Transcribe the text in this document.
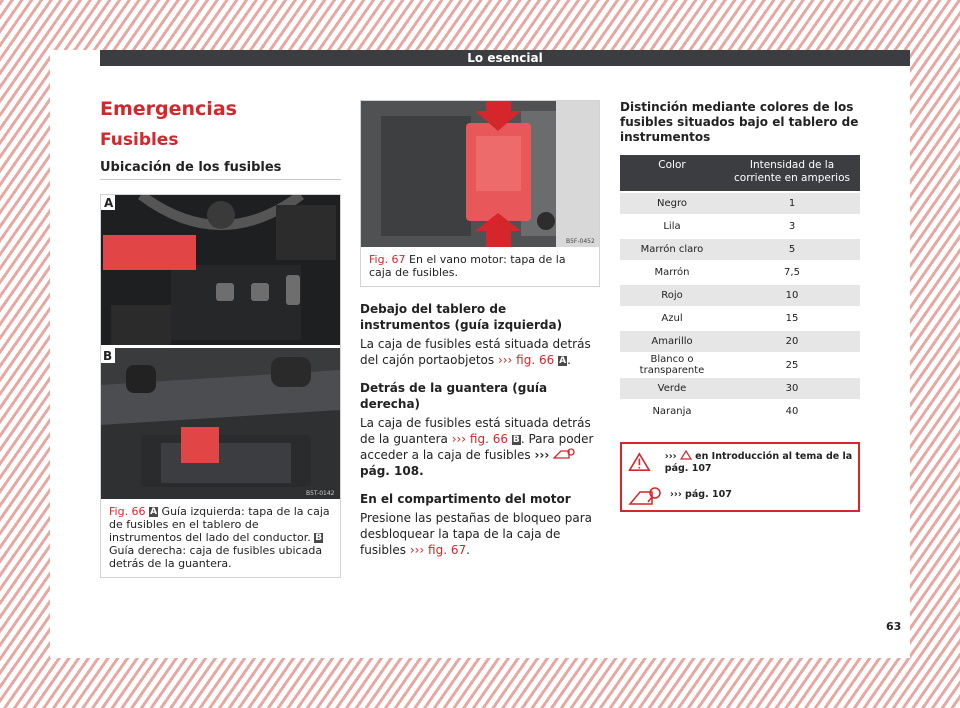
Lo esencial
Emergencias
Fusibles
Ubicación de los fusibles
A
B
B5T-0142
Fig. 66 A Guía izquierda: tapa de la caja de fusibles en el tablero de instrumentos del lado del conductor. B Guía derecha: caja de fusibles ubicada detrás de la guantera.
B5F-0452
Fig. 67 En el vano motor: tapa de la caja de fusibles.

Debajo del tablero de instrumentos (guía izquierda)

La caja de fusibles está situada detrás del cajón portaobjetos ››› fig. 66 A.

Detrás de la guantera (guía derecha)

La caja de fusibles está situada detrás de la guantera ››› fig. 66 B. Para poder acceder a la caja de fusibles ›››  pág. 108.

En el compartimento del motor

Presione las pestañas de bloqueo para desbloquear la tapa de la caja de fusibles ››› fig. 67.

Distinción mediante colores de los fusibles situados bajo el tablero de instrumentos
Color	Intensidad de la corriente en amperios
Negro	1
Lila	3
Marrón claro	5
Marrón	7,5
Rojo	10
Azul	15
Amarillo	20
Blanco o transparente	25
Verde	30
Naranja	40
›››  en Introducción al tema de la pág. 107
››› pág. 107
63
